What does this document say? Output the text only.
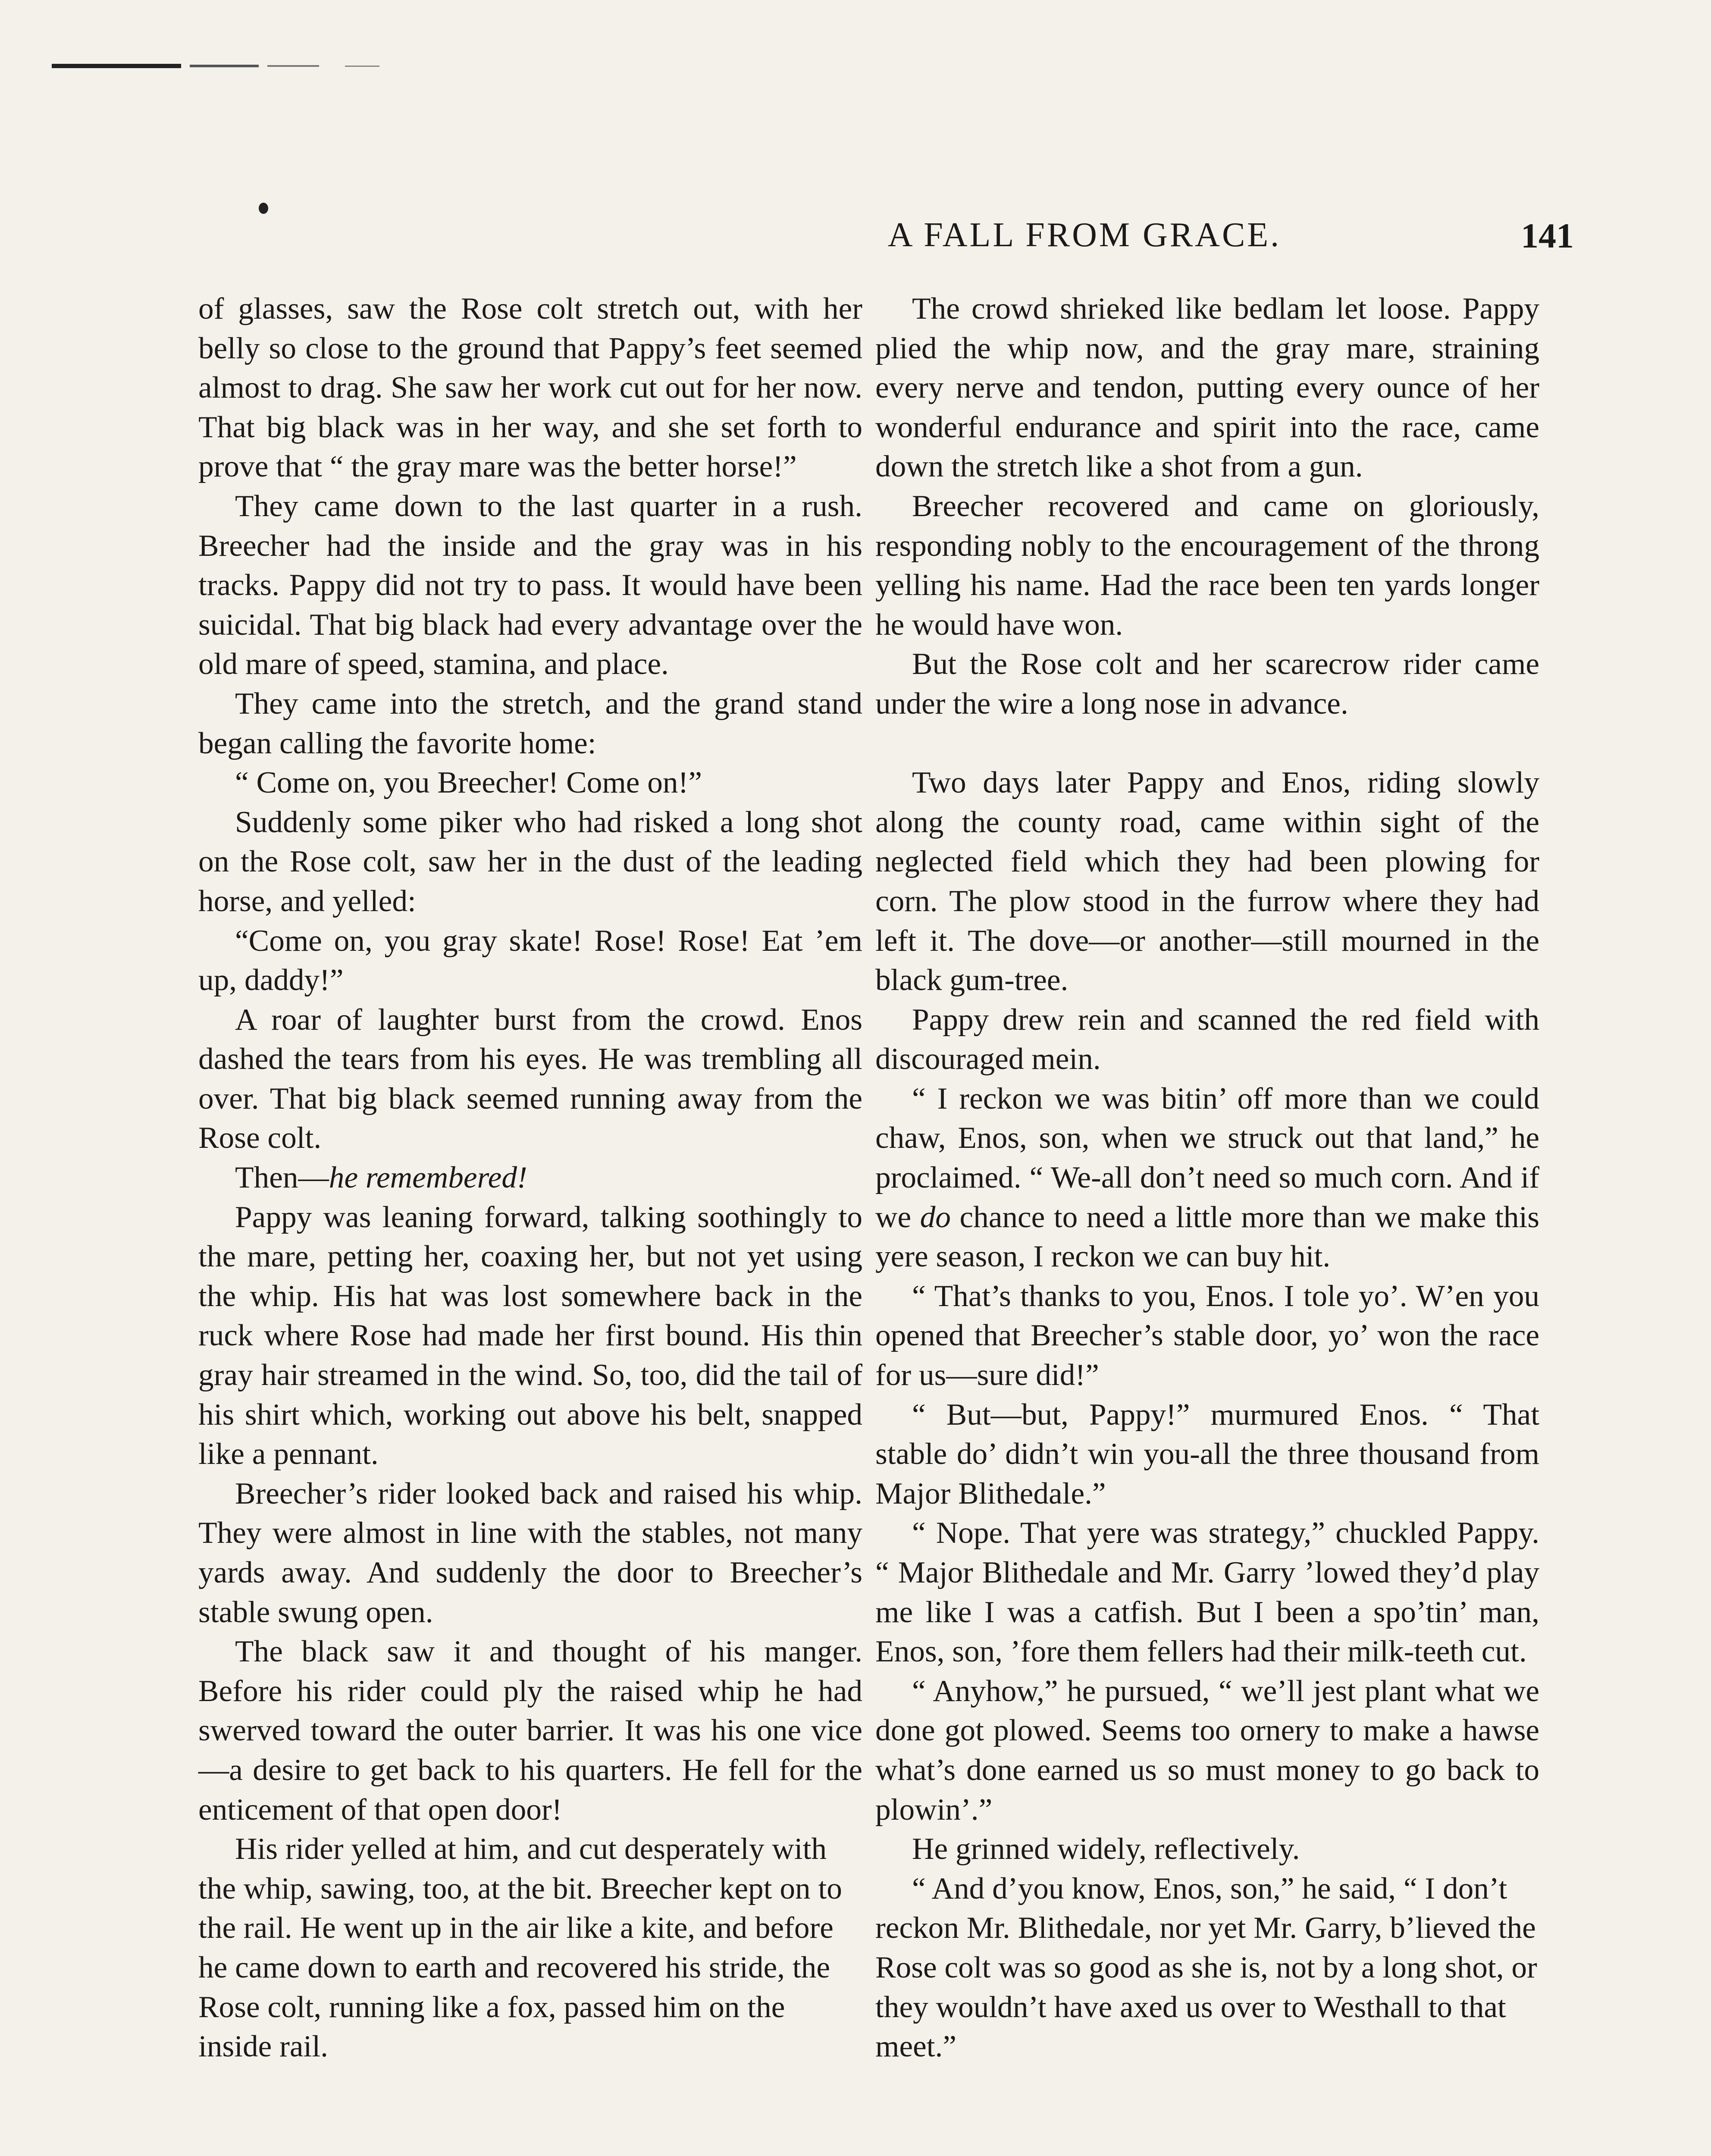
A FALL FROM GRACE.	141

of glasses, saw the Rose colt stretch out, with her belly so close to the ground that Pappy’s feet seemed almost to drag. She saw her work cut out for her now. That big black was in her way, and she set forth to prove that “ the gray mare was the better horse!”

They came down to the last quarter in a rush. Breecher had the inside and the gray was in his tracks. Pappy did not try to pass. It would have been suicidal. That big black had every advantage over the old mare of speed, stamina, and place.

They came into the stretch, and the grand stand began calling the favorite home:

“ Come on, you Breecher! Come on!”

Suddenly some piker who had risked a long shot on the Rose colt, saw her in the dust of the leading horse, and yelled:

“Come on, you gray skate! Rose! Rose! Eat ’em up, daddy!”

A roar of laughter burst from the crowd. Enos dashed the tears from his eyes. He was trembling all over. That big black seemed running away from the Rose colt.

Then—he remembered!

Pappy was leaning forward, talking soothingly to the mare, petting her, coaxing her, but not yet using the whip. His hat was lost somewhere back in the ruck where Rose had made her first bound. His thin gray hair streamed in the wind. So, too, did the tail of his shirt which, working out above his belt, snapped like a pennant.

Breecher’s rider looked back and raised his whip. They were almost in line with the stables, not many yards away. And suddenly the door to Breecher’s stable swung open.

The black saw it and thought of his manger. Before his rider could ply the raised whip he had swerved toward the outer barrier. It was his one vice—a desire to get back to his quarters. He fell for the enticement of that open door!

His rider yelled at him, and cut desperately with the whip, sawing, too, at the bit. Breecher kept on to the rail. He went up in the air like a kite, and before he came down to earth and recovered his stride, the Rose colt, running like a fox, passed him on the inside rail.

The crowd shrieked like bedlam let loose. Pappy plied the whip now, and the gray mare, straining every nerve and tendon, putting every ounce of her wonderful endurance and spirit into the race, came down the stretch like a shot from a gun.

Breecher recovered and came on gloriously, responding nobly to the encouragement of the throng yelling his name. Had the race been ten yards longer he would have won.

But the Rose colt and her scarecrow rider came under the wire a long nose in advance.

Two days later Pappy and Enos, riding slowly along the county road, came within sight of the neglected field which they had been plowing for corn. The plow stood in the furrow where they had left it. The dove—or another—still mourned in the black gum-tree.

Pappy drew rein and scanned the red field with discouraged mein.

“ I reckon we was bitin’ off more than we could chaw, Enos, son, when we struck out that land,” he proclaimed. “ We-all don’t need so much corn. And if we do chance to need a little more than we make this yere season, I reckon we can buy hit.

“ That’s thanks to you, Enos. I tole yo’. W’en you opened that Breecher’s stable door, yo’ won the race for us—sure did!”

“ But—but, Pappy!” murmured Enos. “ That stable do’ didn’t win you-all the three thousand from Major Blithedale.”

“ Nope. That yere was strategy,” chuckled Pappy. “ Major Blithedale and Mr. Garry ’lowed they’d play me like I was a catfish. But I been a spo’tin’ man, Enos, son, ’fore them fellers had their milk-teeth cut.

“ Anyhow,” he pursued, “ we’ll jest plant what we done got plowed. Seems too ornery to make a hawse what’s done earned us so must money to go back to plowin’.”

He grinned widely, reflectively.

“ And d’you know, Enos, son,” he said, “ I don’t reckon Mr. Blithedale, nor yet Mr. Garry, b’lieved the Rose colt was so good as she is, not by a long shot, or they wouldn’t have axed us over to Westhall to that meet.”
